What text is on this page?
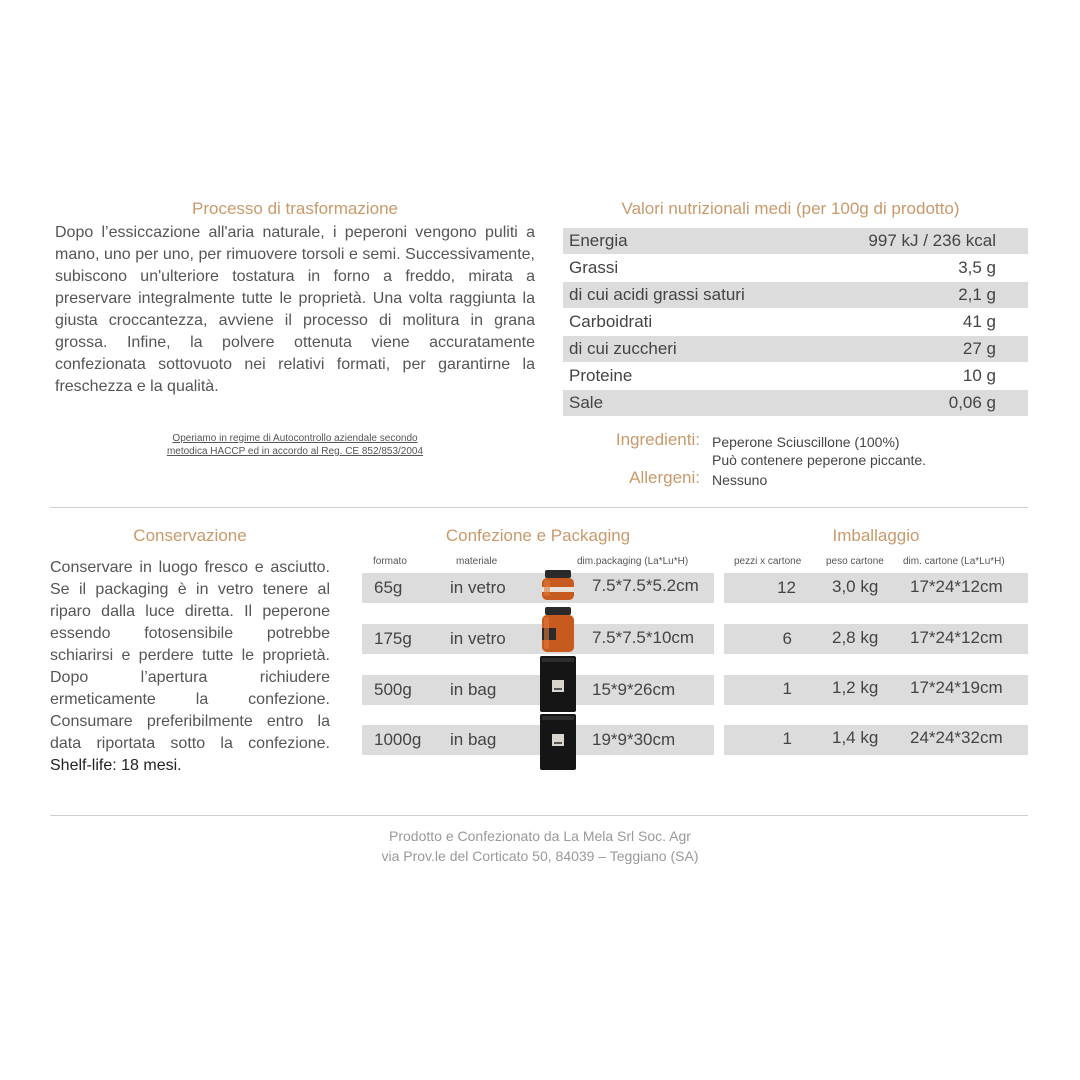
Processo di trasformazione
Dopo l’essiccazione all'aria naturale, i peperoni vengono puliti a mano, uno per uno, per rimuovere torsoli e semi. Successivamente, subiscono un'ulteriore tostatura in forno a freddo, mirata a preservare integralmente tutte le proprietà. Una volta raggiunta la giusta croccantezza, avviene il processo di molitura in grana grossa. Infine, la polvere ottenuta viene accuratamente confezionata sottovuoto nei relativi formati, per garantirne la freschezza e la qualità.
Operiamo in regime di Autocontrollo aziendale secondo
metodica HACCP ed in accordo al Reg. CE 852/853/2004
Valori nutrizionali medi (per 100g di prodotto)
Energia	997 kJ / 236 kcal
Grassi	3,5 g
di cui acidi grassi saturi	2,1 g
Carboidrati	41 g
di cui zuccheri	27 g
Proteine	10 g
Sale	0,06 g
Ingredienti: Peperone Sciuscillone (100%)
Può contenere peperone piccante.
Allergeni: Nessuno
Conservazione
Conservare in luogo fresco e asciutto. Se il packaging è in vetro tenere al riparo dalla luce diretta. Il peperone essendo fotosensibile potrebbe schiarirsi e perdere tutte le proprietà. Dopo l’apertura richiudere ermeticamente la confezione. Consumare preferibilmente entro la data riportata sotto la confezione. Shelf-life: 18 mesi.
Confezione e Packaging
formato	materiale	dim.packaging (La*Lu*H)
Imballaggio
pezzi x cartone peso cartone dim. cartone (La*Lu*H)
65g	in vetro	7.5*7.5*5.2cm
175g in vetro	7.5*7.5*10cm
500g in bag	15*9*26cm
1000g in bag	19*9*30cm
12 3,0 kg 17*24*12cm
6 2,8 kg 17*24*12cm
1 1,2 kg 17*24*19cm
1 1,4 kg 24*24*32cm
Prodotto e Confezionato da La Mela Srl Soc. Agr
via Prov.le del Corticato 50, 84039 – Teggiano (SA)
